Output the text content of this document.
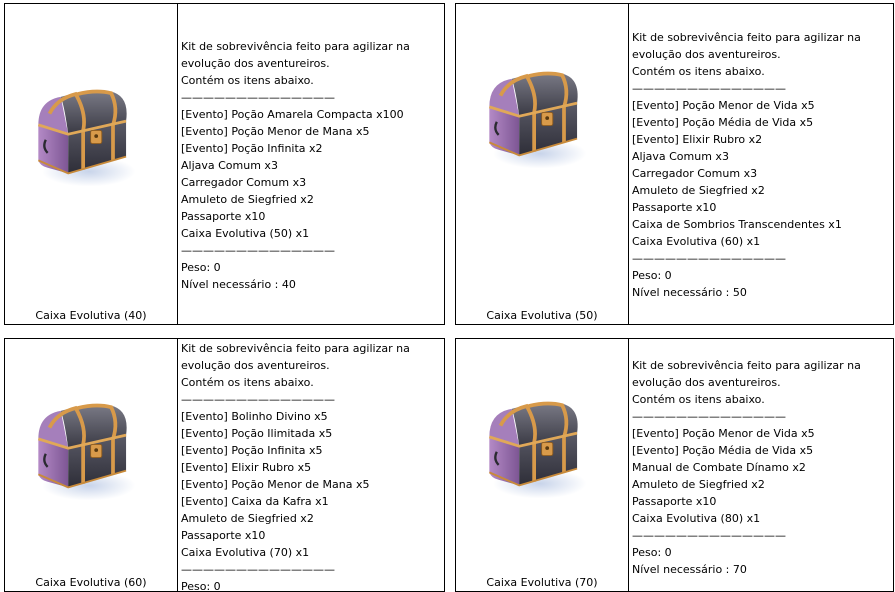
Caixa Evolutiva (40)
Kit de sobrevivência feito para agilizar na
evolução dos aventureiros.
Contém os itens abaixo.
——————————————
[Evento] Poção Amarela Compacta x100
[Evento] Poção Menor de Mana x5
[Evento] Poção Infinita x2
Aljava Comum x3
Carregador Comum x3
Amuleto de Siegfried x2
Passaporte x10
Caixa Evolutiva (50) x1
——————————————
Peso: 0
Nível necessário : 40
Caixa Evolutiva (50)
Kit de sobrevivência feito para agilizar na
evolução dos aventureiros.
Contém os itens abaixo.
——————————————
[Evento] Poção Menor de Vida x5
[Evento] Poção Média de Vida x5
[Evento] Elixir Rubro x2
Aljava Comum x3
Carregador Comum x3
Amuleto de Siegfried x2
Passaporte x10
Caixa de Sombrios Transcendentes x1
Caixa Evolutiva (60) x1
——————————————
Peso: 0
Nível necessário : 50
Caixa Evolutiva (60)
Kit de sobrevivência feito para agilizar na
evolução dos aventureiros.
Contém os itens abaixo.
——————————————
[Evento] Bolinho Divino x5
[Evento] Poção Ilimitada x5
[Evento] Poção Infinita x5
[Evento] Elixir Rubro x5
[Evento] Poção Menor de Mana x5
[Evento] Caixa da Kafra x1
Amuleto de Siegfried x2
Passaporte x10
Caixa Evolutiva (70) x1
——————————————
Peso: 0	Caixa Evolutiva (70)
Kit de sobrevivência feito para agilizar na
evolução dos aventureiros.
Contém os itens abaixo.
——————————————
[Evento] Poção Menor de Vida x5
[Evento] Poção Média de Vida x5
Manual de Combate Dínamo x2
Amuleto de Siegfried x2
Passaporte x10
Caixa Evolutiva (80) x1
——————————————
Peso: 0
Nível necessário : 70
